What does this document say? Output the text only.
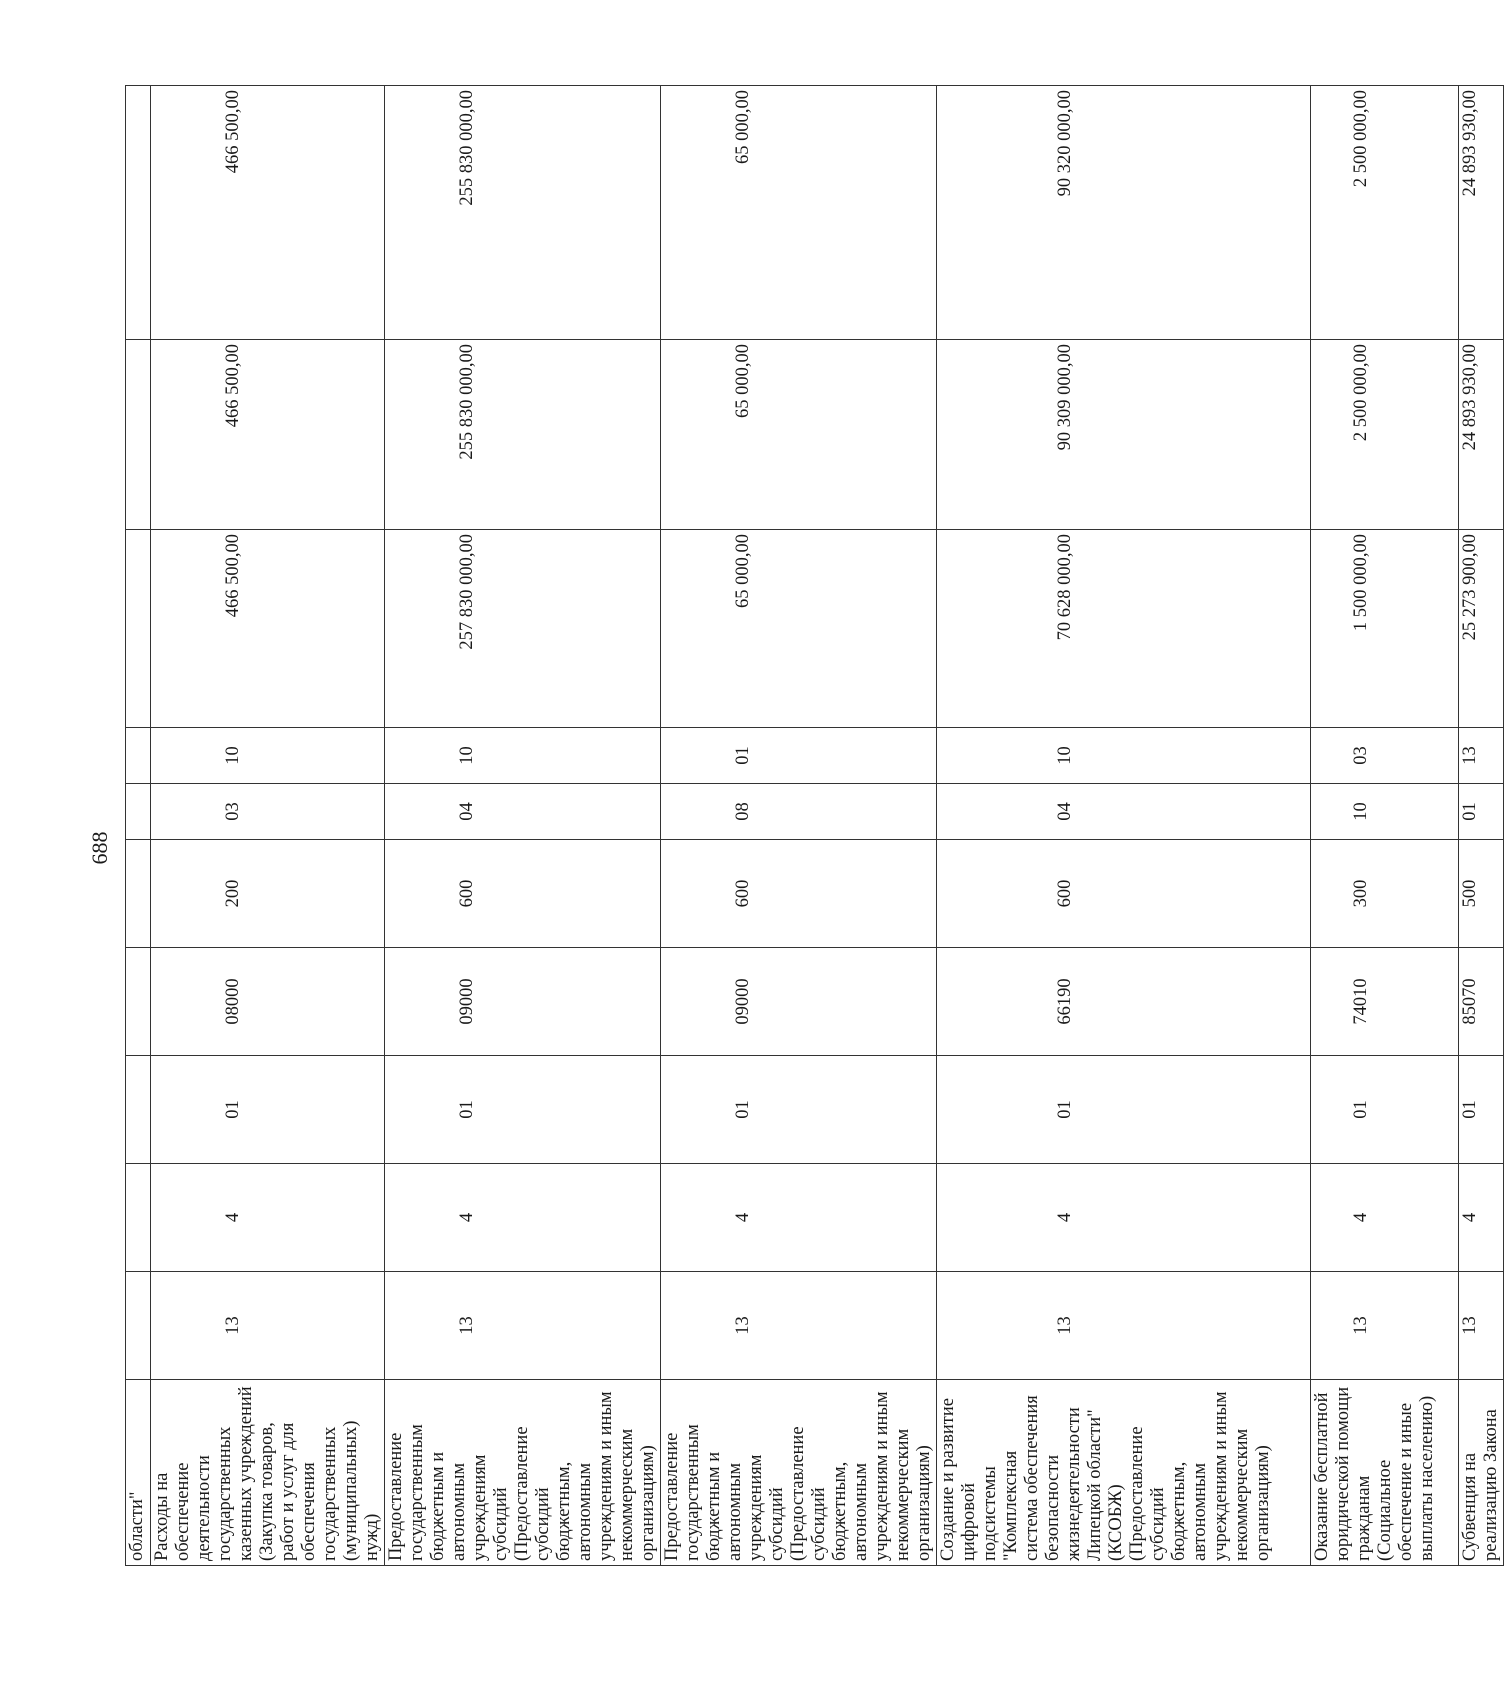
688
области"										
Расходы на обеспечение деятельности государственных казенных учреждений (Закупка товаров, работ и услуг для обеспечения государственных (муниципальных) нужд)	13	4	01	08000	200	03	10	466 500,00	466 500,00	466 500,00
Предоставление государственным бюджетным и автономным учреждениям субсидий (Предоставление субсидий бюджетным, автономным учреждениям и иным некоммерческим организациям)	13	4	01	09000	600	04	10	257 830 000,00	255 830 000,00	255 830 000,00
Предоставление государственным бюджетным и автономным учреждениям субсидий (Предоставление субсидий бюджетным, автономным учреждениям и иным некоммерческим организациям)	13	4	01	09000	600	08	01	65 000,00	65 000,00	65 000,00
Создание и развитие цифровой подсистемы "Комплексная система обеспечения безопасности жизнедеятельности Липецкой области" (КСОБЖ) (Предоставление субсидий бюджетным, автономным учреждениям и иным некоммерческим организациям)	13	4	01	66190	600	04	10	70 628 000,00	90 309 000,00	90 320 000,00
Оказание бесплатной юридической помощи гражданам (Социальное обеспечение и иные выплаты населению)	13	4	01	74010	300	10	03	1 500 000,00	2 500 000,00	2 500 000,00
Субвенция на реализацию Закона	13	4	01	85070	500	01	13	25 273 900,00	24 893 930,00	24 893 930,00
